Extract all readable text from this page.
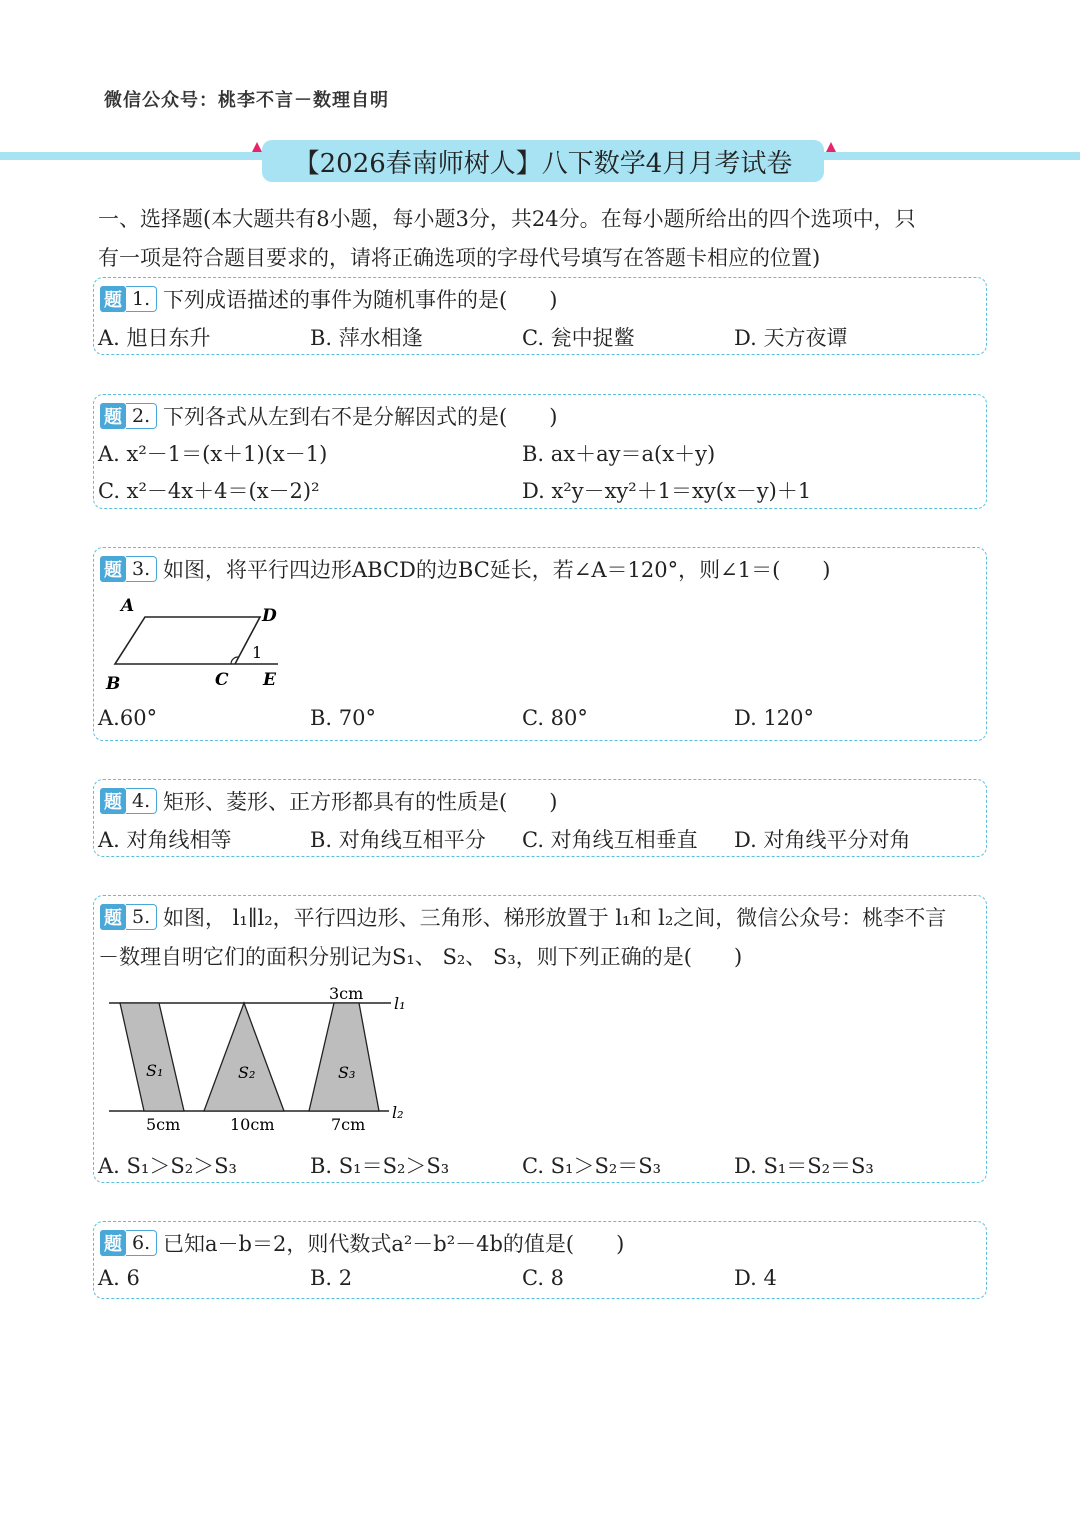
微信公众号：桃李不言－数理自明
【2026春南师树人】八下数学4月月考试卷
一、选择题(本大题共有8小题，每小题3分，共24分。在每小题所给出的四个选项中，只
有一项是符合题目要求的，请将正确选项的字母代号填写在答题卡相应的位置)
题 1. 下列成语描述的事件为随机事件的是(　　)
A. 旭日东升	B. 萍水相逢	C. 瓮中捉鳖	D. 天方夜谭
题 2. 下列各式从左到右不是分解因式的是(　　)
A. x²－1＝(x＋1)(x－1)	B. ax＋ay＝a(x＋y)
C. x²－4x＋4＝(x－2)²	D. x²y－xy²＋1＝xy(x－y)＋1
题 3. 如图，将平行四边形ABCD的边BC延长，若∠A＝120°，则∠1＝(　　)
A	D
1
B	C E
A.60°	B. 70°	C. 80°	D. 120°
题 4. 矩形、菱形、正方形都具有的性质是(　　)
A. 对角线相等	B. 对角线互相平分 C. 对角线互相垂直 D. 对角线平分对角
题 5. 如图， l₁∥l₂，平行四边形、三角形、梯形放置于 l₁和 l₂之间，微信公众号：桃李不言
－数理自明它们的面积分别记为S₁、 S₂、 S₃，则下列正确的是(　　)
3cm
l₁
S₁	S₂	S₃
l₂
5cm	10cm	7cm
A. S₁＞S₂＞S₃	B. S₁＝S₂＞S₃	C. S₁＞S₂＝S₃	D. S₁＝S₂＝S₃
题 6. 已知a－b＝2，则代数式a²－b²－4b的值是(　　)
A. 6	B. 2	C. 8	D. 4
